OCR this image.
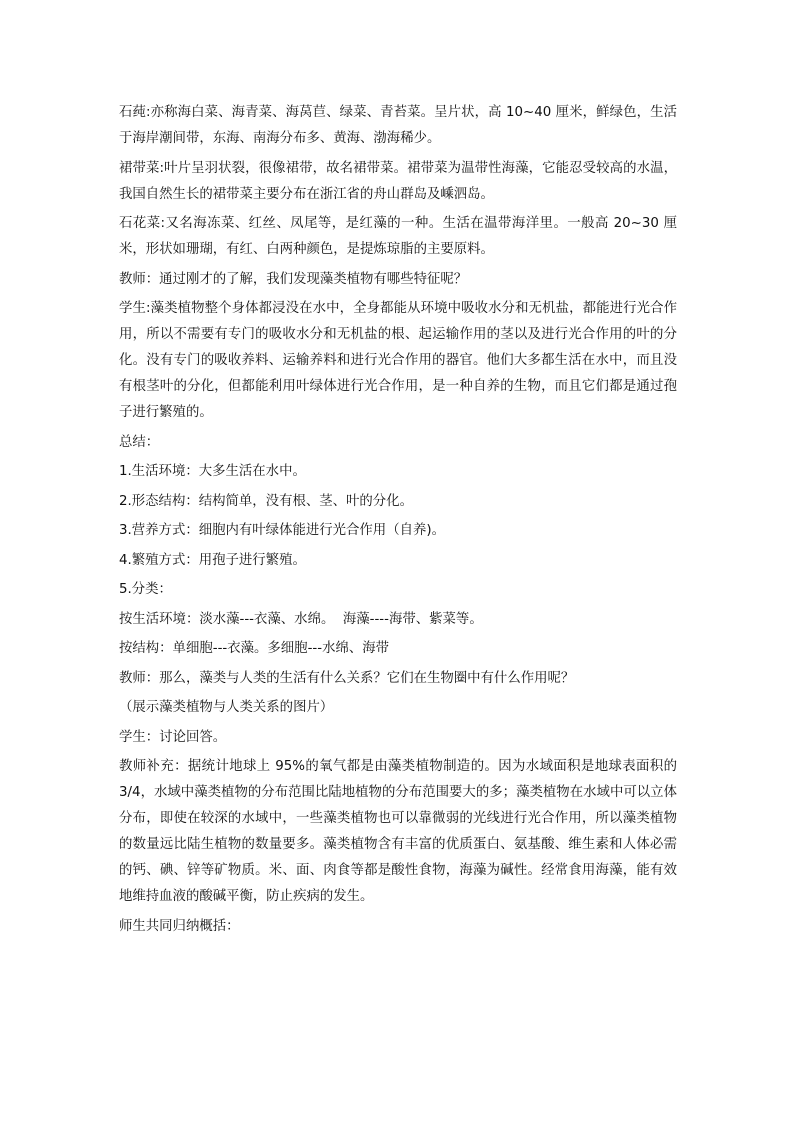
石莼:亦称海白菜、海青菜、海莴苣、绿菜、青苔菜。呈片状，高 10~40 厘米，鲜绿色，生活于海岸潮间带，东海、南海分布多、黄海、渤海稀少。

裙带菜:叶片呈羽状裂，很像裙带，故名裙带菜。裙带菜为温带性海藻，它能忍受较高的水温，我国自然生长的裙带菜主要分布在浙江省的舟山群岛及嵊泗岛。

石花菜:又名海冻菜、红丝、凤尾等，是红藻的一种。生活在温带海洋里。一般高 20~30 厘米，形状如珊瑚，有红、白两种颜色，是提炼琼脂的主要原料。

教师：通过刚才的了解，我们发现藻类植物有哪些特征呢？

学生:藻类植物整个身体都浸没在水中，全身都能从环境中吸收水分和无机盐，都能进行光合作用，所以不需要有专门的吸收水分和无机盐的根、起运输作用的茎以及进行光合作用的叶的分化。没有专门的吸收养料、运输养料和进行光合作用的器官。他们大多都生活在水中，而且没有根茎叶的分化，但都能利用叶绿体进行光合作用，是一种自养的生物，而且它们都是通过孢子进行繁殖的。

总结：

1.生活环境：大多生活在水中。

2.形态结构：结构简单，没有根、茎、叶的分化。

3.营养方式：细胞内有叶绿体能进行光合作用（自养)。

4.繁殖方式：用孢子进行繁殖。

5.分类：

按生活环境：淡水藻---衣藻、水绵。  海藻----海带、紫菜等。

按结构：单细胞---衣藻。多细胞---水绵、海带

教师：那么，藻类与人类的生活有什么关系？它们在生物圈中有什么作用呢？

（展示藻类植物与人类关系的图片）

学生：讨论回答。

教师补充：据统计地球上 95%的氧气都是由藻类植物制造的。因为水域面积是地球表面积的 3/4，水域中藻类植物的分布范围比陆地植物的分布范围要大的多；藻类植物在水域中可以立体分布，即使在较深的水域中，一些藻类植物也可以靠微弱的光线进行光合作用，所以藻类植物的数量远比陆生植物的数量要多。藻类植物含有丰富的优质蛋白、氨基酸、维生素和人体必需的钙、碘、锌等矿物质。米、面、肉食等都是酸性食物，海藻为碱性。经常食用海藻，能有效地维持血液的酸碱平衡，防止疾病的发生。

师生共同归纳概括：
